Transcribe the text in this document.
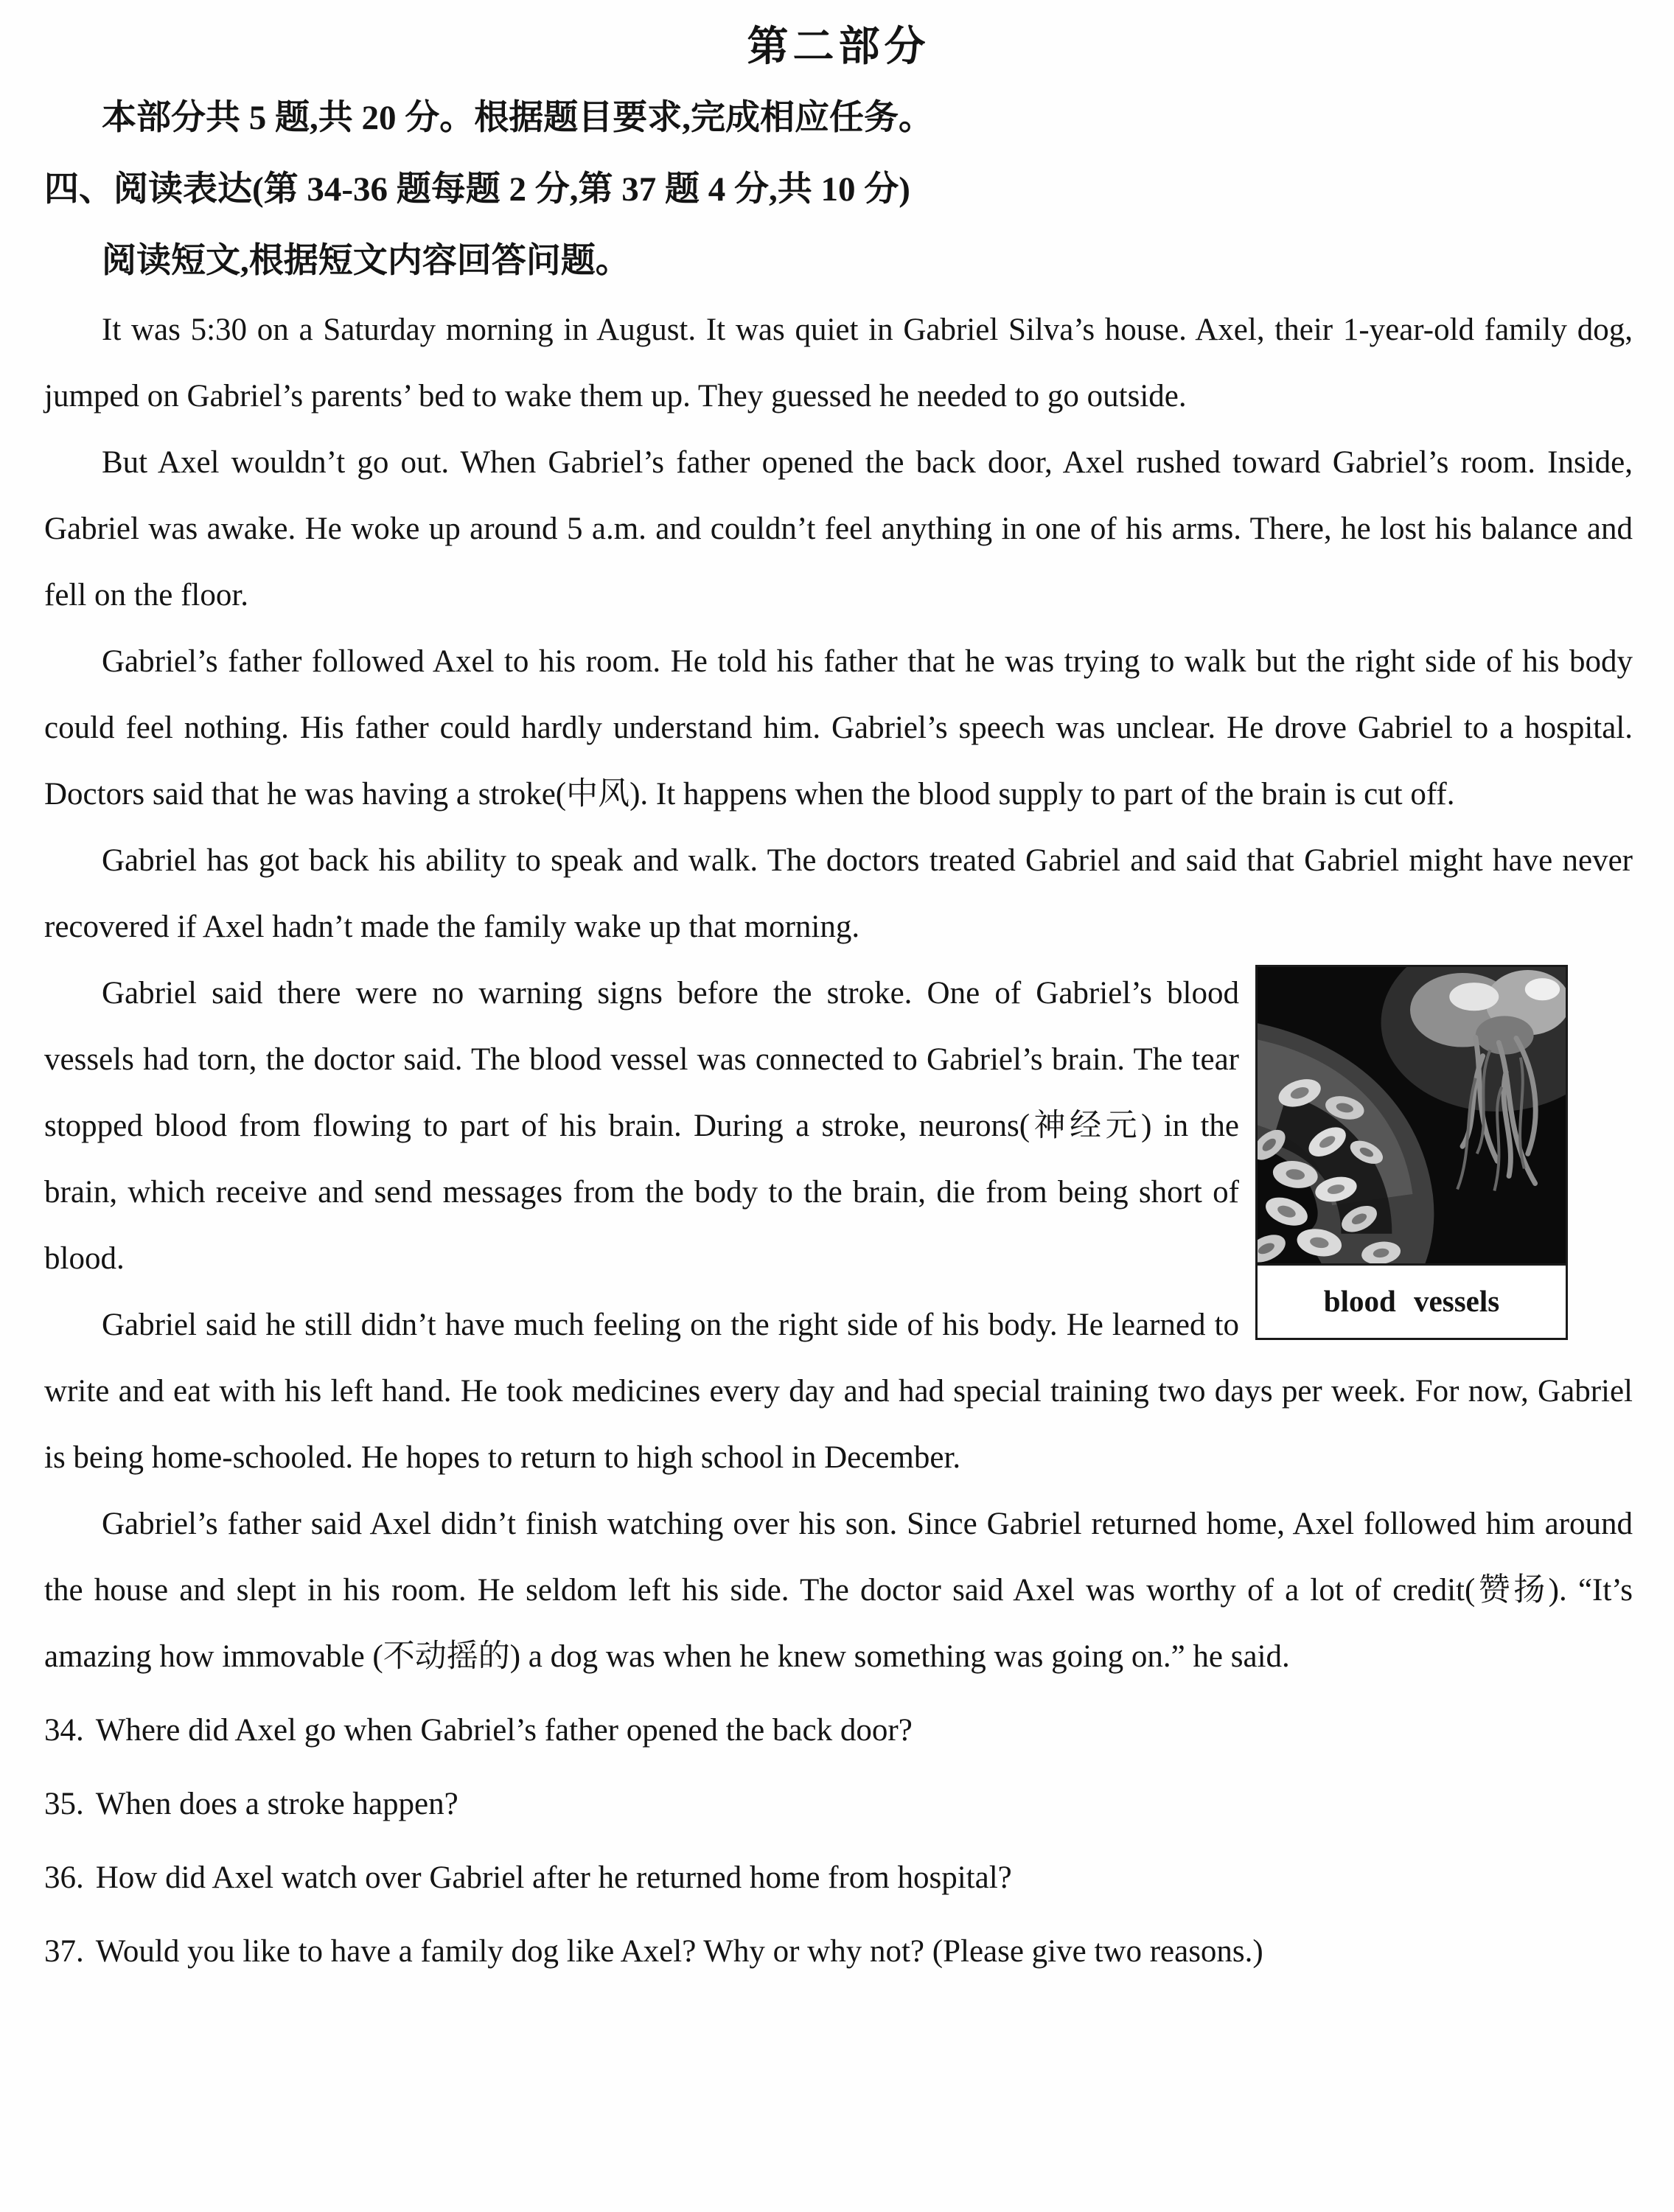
第二部分
本部分共 5 题,共 20 分。根据题目要求,完成相应任务。
四、阅读表达(第 34-36 题每题 2 分,第 37 题 4 分,共 10 分)
阅读短文,根据短文内容回答问题。

It was 5:30 on a Saturday morning in August. It was quiet in Gabriel Silva’s house. Axel, their 1-year-old family dog, jumped on Gabriel’s parents’ bed to wake them up. They guessed he needed to go outside.

But Axel wouldn’t go out. When Gabriel’s father opened the back door, Axel rushed toward Gabriel’s room. Inside, Gabriel was awake. He woke up around 5 a.m. and couldn’t feel anything in one of his arms. There, he lost his balance and fell on the floor.

Gabriel’s father followed Axel to his room. He told his father that he was trying to walk but the right side of his body could feel nothing. His father could hardly understand him. Gabriel’s speech was unclear. He drove Gabriel to a hospital. Doctors said that he was having a stroke(中风). It happens when the blood supply to part of the brain is cut off.

Gabriel has got back his ability to speak and walk. The doctors treated Gabriel and said that Gabriel might have never recovered if Axel hadn’t made the family wake up that morning.

blood vessels
Gabriel said there were no warning signs before the stroke. One of Gabriel’s blood vessels had torn, the doctor said. The blood vessel was connected to Gabriel’s brain. The tear stopped blood from flowing to part of his brain. During a stroke, neurons(神经元) in the brain, which receive and send messages from the body to the brain, die from being short of blood.

Gabriel said he still didn’t have much feeling on the right side of his body. He learned to write and eat with his left hand. He took medicines every day and had special training two days per week. For now, Gabriel is being home-schooled. He hopes to return to high school in December.

Gabriel’s father said Axel didn’t finish watching over his son. Since Gabriel returned home, Axel followed him around the house and slept in his room. He seldom left his side. The doctor said Axel was worthy of a lot of credit(赞扬). “It’s amazing how immovable (不动摇的) a dog was when he knew something was going on.” he said.

34. Where did Axel go when Gabriel’s father opened the back door?
35. When does a stroke happen?
36. How did Axel watch over Gabriel after he returned home from hospital?
37. Would you like to have a family dog like Axel? Why or why not? (Please give two reasons.)
